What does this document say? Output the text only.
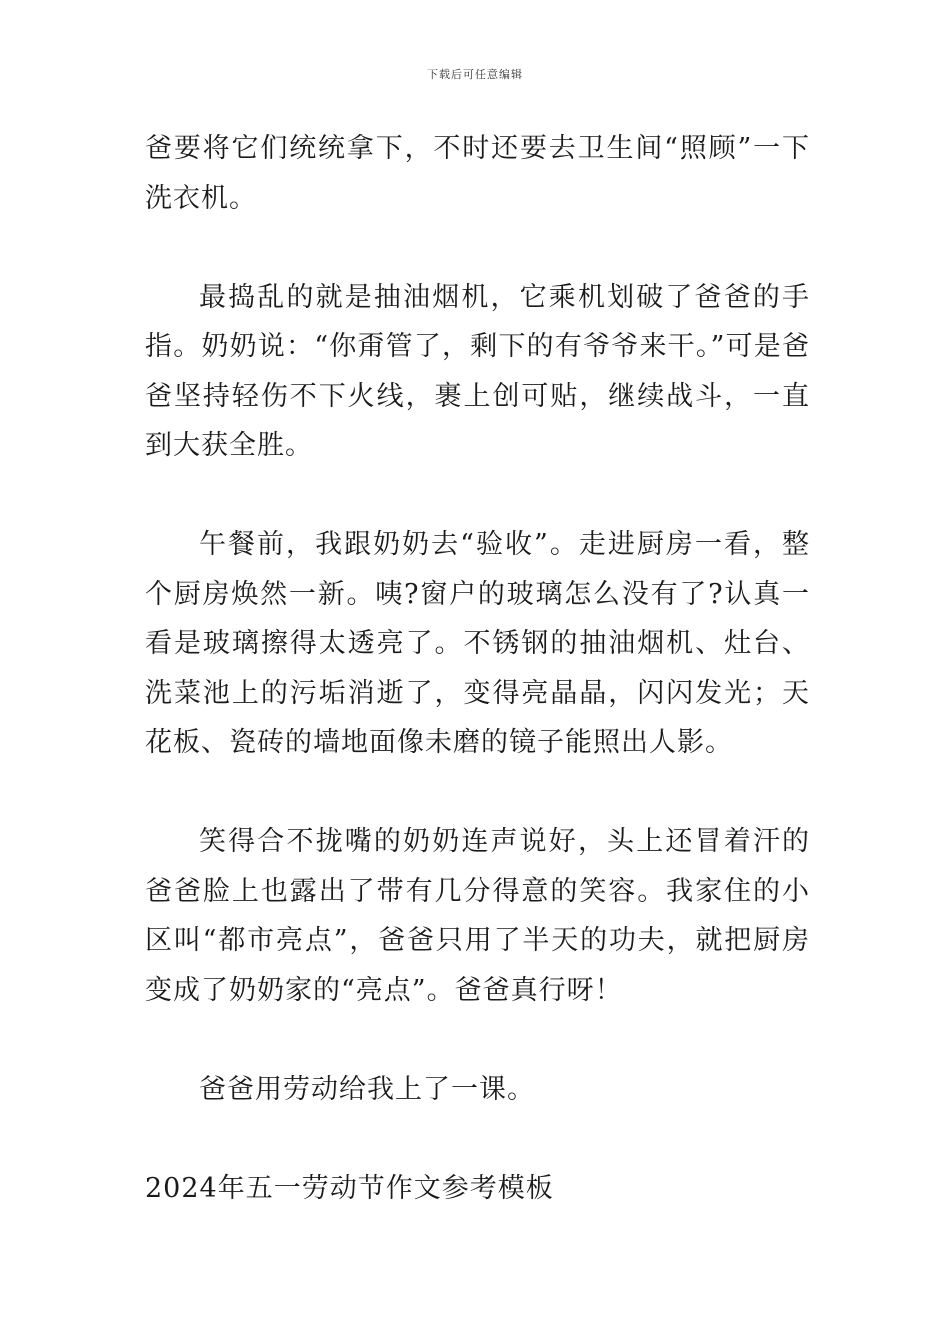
下载后可任意编辑

爸要将它们统统拿下，不时还要去卫生间“照顾”一下洗衣机。

最捣乱的就是抽油烟机，它乘机划破了爸爸的手指。奶奶说：“你甭管了，剩下的有爷爷来干。”可是爸爸坚持轻伤不下火线，裹上创可贴，继续战斗，一直到大获全胜。

午餐前，我跟奶奶去“验收”。走进厨房一看，整个厨房焕然一新。咦?窗户的玻璃怎么没有了?认真一看是玻璃擦得太透亮了。不锈钢的抽油烟机、灶台、洗菜池上的污垢消逝了，变得亮晶晶，闪闪发光；天花板、瓷砖的墙地面像未磨的镜子能照出人影。

笑得合不拢嘴的奶奶连声说好，头上还冒着汗的爸爸脸上也露出了带有几分得意的笑容。我家住的小区叫“都市亮点”，爸爸只用了半天的功夫，就把厨房变成了奶奶家的“亮点”。爸爸真行呀！

爸爸用劳动给我上了一课。

2024年五一劳动节作文参考模板
